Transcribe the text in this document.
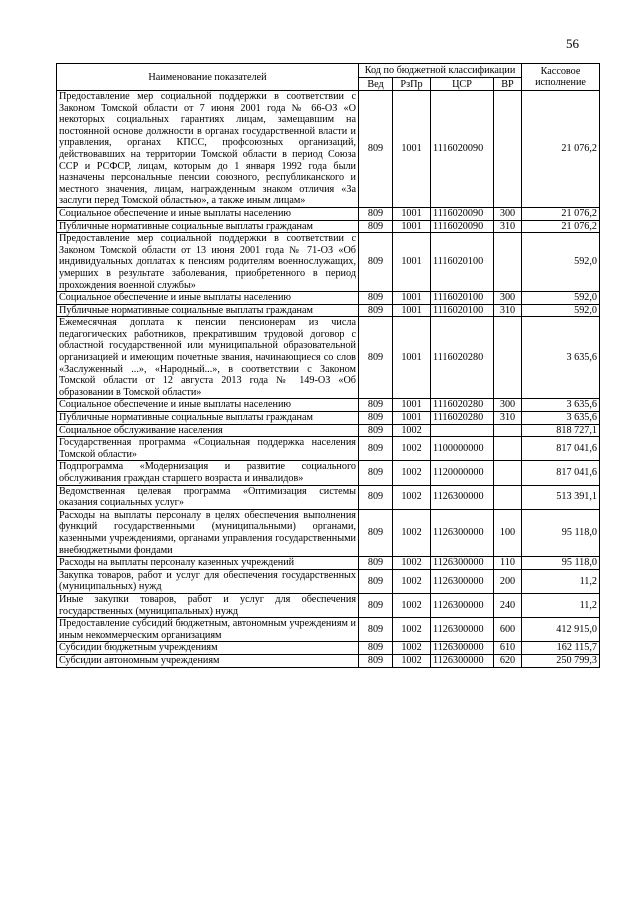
56
Наименование показателей	Код по бюджетной классификации				Кассовое исполнение
	Вед	РзПр	ЦСР	ВР	
Предоставление мер социальной поддержки в соответствии с Законом Томской области от 7 июня 2001 года № 66-ОЗ «О некоторых социальных гарантиях лицам, замещавшим на постоянной основе должности в органах государственной власти и управления, органах КПСС, профсоюзных организаций, действовавших на территории Томской области в период Союза ССР и РСФСР, лицам, которым до 1 января 1992 года были назначены персональные пенсии союзного, республиканского и местного значения, лицам, награжденным знаком отличия «За заслуги перед Томской областью», а также иным лицам»	809	1001	1116020090		21 076,2
Социальное обеспечение и иные выплаты населению	809	1001	1116020090	300	21 076,2
Публичные нормативные социальные выплаты гражданам	809	1001	1116020090	310	21 076,2
Предоставление мер социальной поддержки в соответствии с Законом Томской области от 13 июня 2001 года № 71-ОЗ «Об индивидуальных доплатах к пенсиям родителям военнослужащих, умерших в результате заболевания, приобретенного в период прохождения военной службы»	809	1001	1116020100		592,0
Социальное обеспечение и иные выплаты населению	809	1001	1116020100	300	592,0
Публичные нормативные социальные выплаты гражданам	809	1001	1116020100	310	592,0
Ежемесячная доплата к пенсии пенсионерам из числа педагогических работников, прекратившим трудовой договор с областной государственной или муниципальной образовательной организацией и имеющим почетные звания, начинающиеся со слов «Заслуженный ...», «Народный...», в соответствии с Законом Томской области от 12 августа 2013 года № 149-ОЗ «Об образовании в Томской области»	809	1001	1116020280		3 635,6
Социальное обеспечение и иные выплаты населению	809	1001	1116020280	300	3 635,6
Публичные нормативные социальные выплаты гражданам	809	1001	1116020280	310	3 635,6
Социальное обслуживание населения	809	1002			818 727,1
Государственная программа «Социальная поддержка населения Томской области»	809	1002	1100000000		817 041,6
Подпрограмма «Модернизация и развитие социального обслуживания граждан старшего возраста и инвалидов»	809	1002	1120000000		817 041,6
Ведомственная целевая программа «Оптимизация системы оказания социальных услуг»	809	1002	1126300000		513 391,1
Расходы на выплаты персоналу в целях обеспечения выполнения функций государственными (муниципальными) органами, казенными учреждениями, органами управления государственными внебюджетными фондами	809	1002	1126300000	100	95 118,0
Расходы на выплаты персоналу казенных учреждений	809	1002	1126300000	110	95 118,0
Закупка товаров, работ и услуг для обеспечения государственных (муниципальных) нужд	809	1002	1126300000	200	11,2
Иные закупки товаров, работ и услуг для обеспечения государственных (муниципальных) нужд	809	1002	1126300000	240	11,2
Предоставление субсидий бюджетным, автономным учреждениям и иным некоммерческим организациям	809	1002	1126300000	600	412 915,0
Субсидии бюджетным учреждениям	809	1002	1126300000	610	162 115,7
Субсидии автономным учреждениям	809	1002	1126300000	620	250 799,3
